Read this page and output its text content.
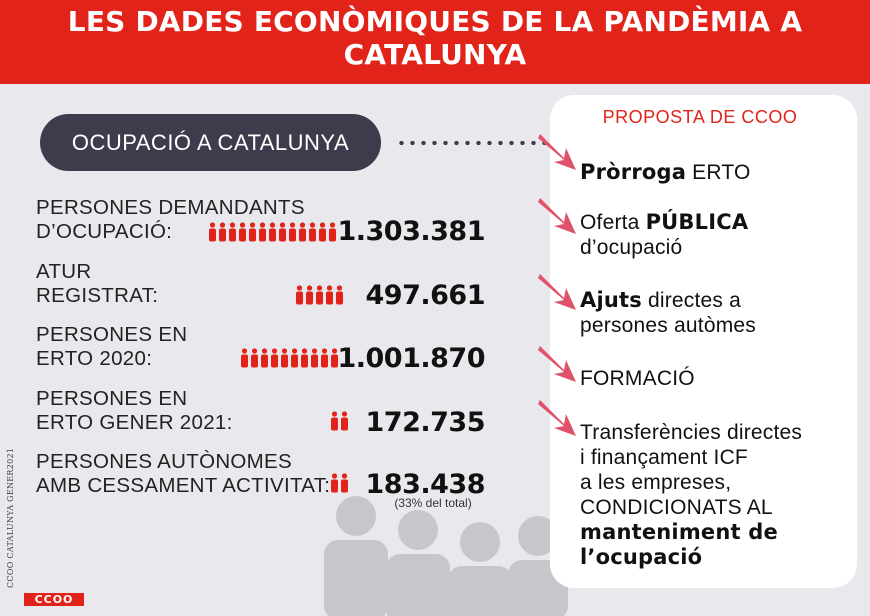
LES DADES ECONÒMIQUES DE LA PANDÈMIA A CATALUNYA
OCUPACIÓ A CATALUNYA
PERSONES DEMANDANTS
D’OCUPACIÓ:	1.303.381
ATUR
REGISTRAT:	497.661
PERSONES EN
ERTO 2020:	1.001.870
PERSONES EN
ERTO GENER 2021:	172.735
PERSONES AUTÒNOMES
AMB CESSAMENT ACTIVITAT: 183.438
(33% del total)
PROPOSTA DE CCOO
Pròrroga ERTO
Oferta PÚBLICA
d’ocupació
Ajuts directes a
persones autòmes
FORMACIÓ
Transferències directes
i finançament ICF
a les empreses,
CONDICIONATS AL
manteniment de
l’ocupació
CCOO CATALUNYA GENER2021
CCOO
